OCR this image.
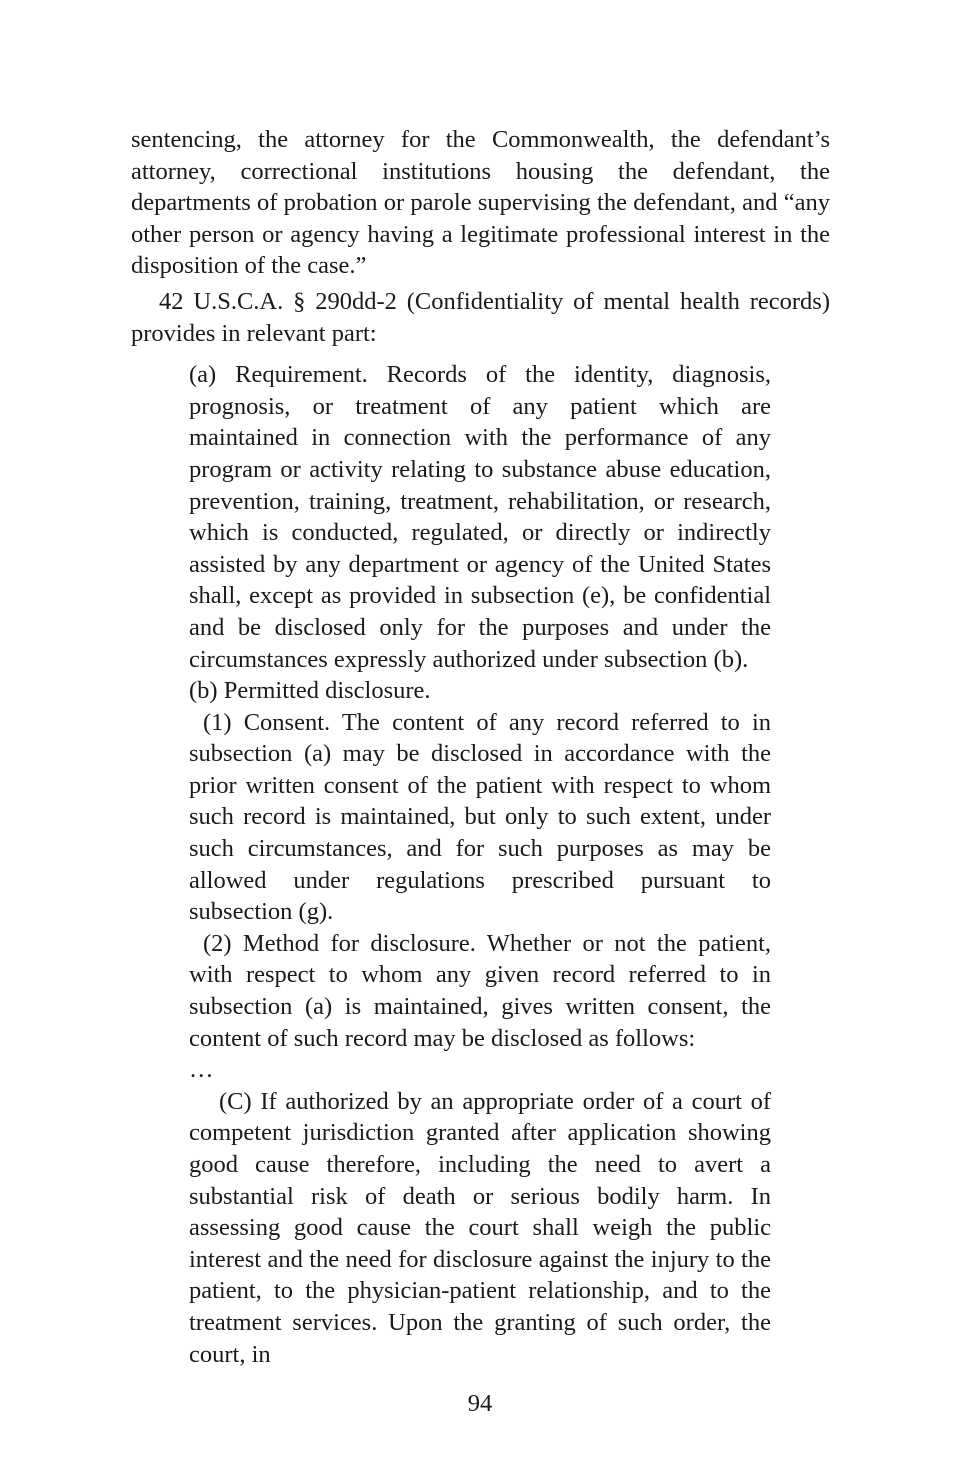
sentencing, the attorney for the Commonwealth, the defendant’s attorney, correctional institutions housing the defendant, the departments of probation or parole supervising the defendant, and “any other person or agency having a legitimate professional interest in the disposition of the case.”

42 U.S.C.A. § 290dd-2 (Confidentiality of mental health records) provides in relevant part:

(a) Requirement. Records of the identity, diagnosis, prognosis, or treatment of any patient which are maintained in connection with the performance of any program or activity relating to substance abuse education, prevention, training, treatment, rehabilitation, or research, which is conducted, regulated, or directly or indirectly assisted by any department or agency of the United States shall, except as provided in subsection (e), be confidential and be disclosed only for the purposes and under the circumstances expressly authorized under subsection (b).

(b) Permitted disclosure.

(1) Consent. The content of any record referred to in subsection (a) may be disclosed in accordance with the prior written consent of the patient with respect to whom such record is maintained, but only to such extent, under such circumstances, and for such purposes as may be allowed under regulations prescribed pursuant to subsection (g).

(2) Method for disclosure. Whether or not the patient, with respect to whom any given record referred to in subsection (a) is maintained, gives written consent, the content of such record may be disclosed as follows:

…

(C) If authorized by an appropriate order of a court of competent jurisdiction granted after application showing good cause therefore, including the need to avert a substantial risk of death or serious bodily harm. In assessing good cause the court shall weigh the public interest and the need for disclosure against the injury to the patient, to the physician-patient relationship, and to the treatment services. Upon the granting of such order, the court, in

94
